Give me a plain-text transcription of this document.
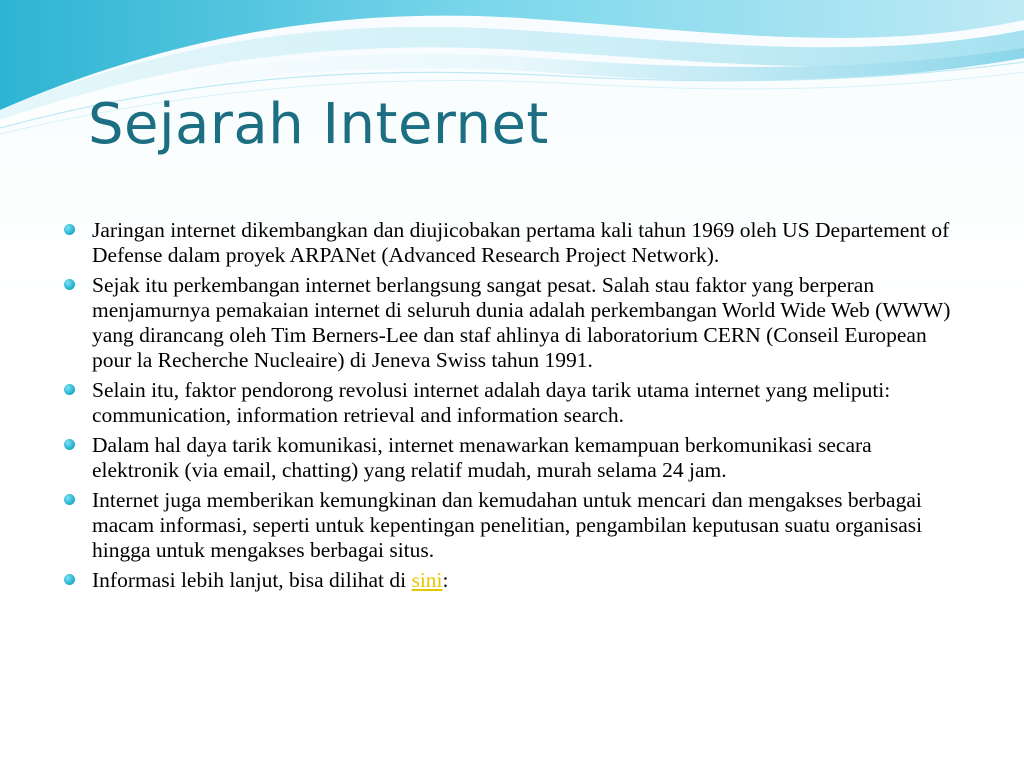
Sejarah Internet
Jaringan internet dikembangkan dan diujicobakan pertama kali tahun 1969 oleh US Departement of Defense dalam proyek ARPANet (Advanced Research Project Network).
Sejak itu perkembangan internet berlangsung sangat pesat. Salah stau faktor yang berperan menjamurnya pemakaian internet di seluruh dunia adalah perkembangan World Wide Web (WWW) yang dirancang oleh Tim Berners-Lee dan staf ahlinya di laboratorium CERN (Conseil European pour la Recherche Nucleaire) di Jeneva Swiss tahun 1991.
Selain itu, faktor pendorong revolusi internet adalah daya tarik utama internet yang meliputi: communication, information retrieval and information search.
Dalam hal daya tarik komunikasi, internet menawarkan kemampuan berkomunikasi secara elektronik (via email, chatting) yang relatif mudah, murah selama 24 jam.
Internet juga memberikan kemungkinan dan kemudahan untuk mencari dan mengakses berbagai macam informasi, seperti untuk kepentingan penelitian, pengambilan keputusan suatu organisasi hingga untuk mengakses berbagai situs.
Informasi lebih lanjut, bisa dilihat di sini:
